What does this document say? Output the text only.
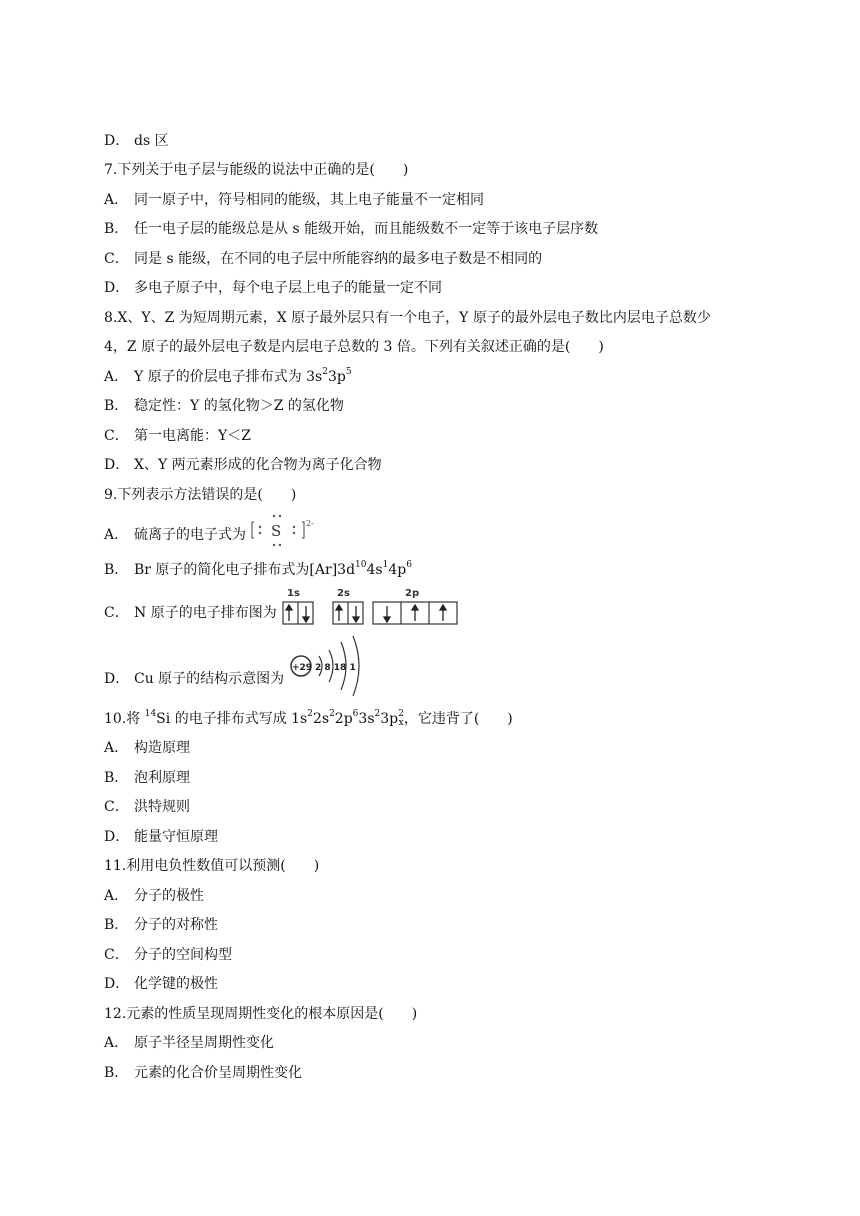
D． ds 区
7.下列关于电子层与能级的说法中正确的是(　　)
A． 同一原子中，符号相同的能级，其上电子能量不一定相同
B． 任一电子层的能级总是从 s 能级开始，而且能级数不一定等于该电子层序数
C． 同是 s 能级，在不同的电子层中所能容纳的最多电子数是不相同的
D． 多电子原子中，每个电子层上电子的能量一定不同
8.X、Y、Z 为短周期元素，X 原子最外层只有一个电子，Y 原子的最外层电子数比内层电子总数少
4，Z 原子的最外层电子数是内层电子总数的 3 倍。下列有关叙述正确的是(　　)
A． Y 原子的价层电子排布式为 $3s^23p^5$
B． 稳定性：Y 的氢化物＞Z 的氢化物
C． 第一电离能：Y＜Z
D． X、Y 两元素形成的化合物为离子化合物
9.下列表示方法错误的是(　　)
A． 硫离子的电子式为 S	2-
B． Br 原子的简化电子排布式为$[Ar]3d^{10}4s^14p^6$
C． N 原子的电子排布图为
1s	2s	2p
D． Cu 原子的结构示意图为
+29 2 8 18 1
10.将 $^{14}$Si 的电子排布式写成 $1s^22s^22p^63s^23p2$
x，它违背了(　　)
A． 构造原理
B． 泡利原理
C． 洪特规则
D． 能量守恒原理
11.利用电负性数值可以预测(　　)
A． 分子的极性
B． 分子的对称性
C． 分子的空间构型
D． 化学键的极性
12.元素的性质呈现周期性变化的根本原因是(　　)
A． 原子半径呈周期性变化
B． 元素的化合价呈周期性变化
